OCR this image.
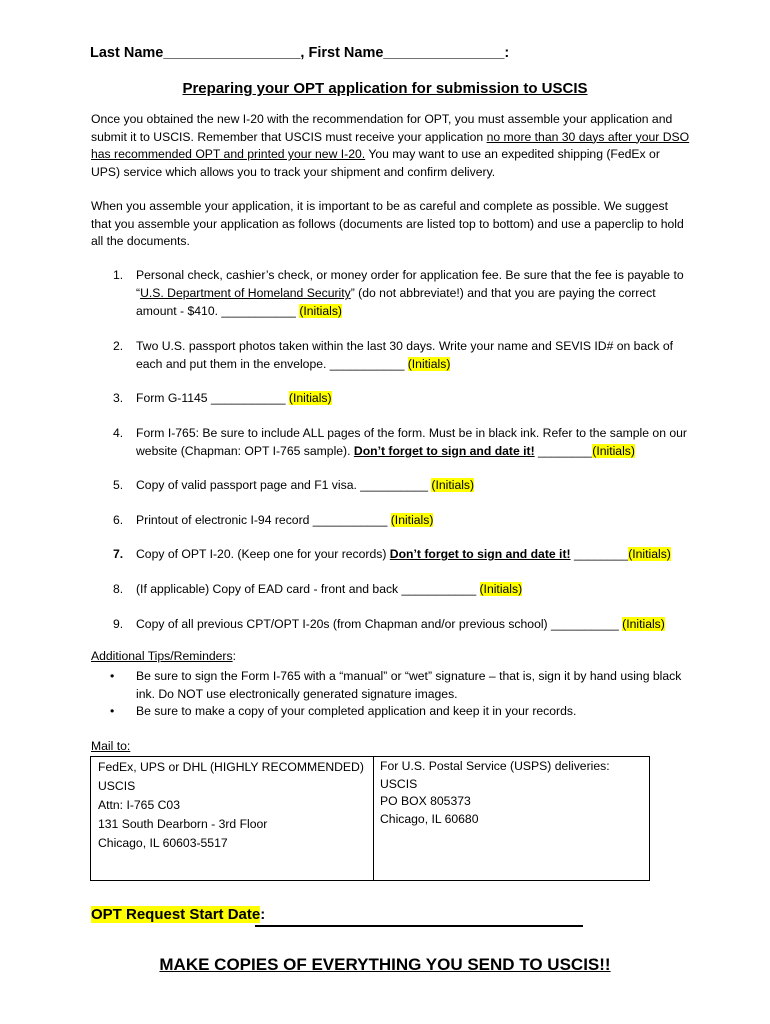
Last Name_________________, First Name_______________:
Preparing your OPT application for submission to USCIS
Once you obtained the new I-20 with the recommendation for OPT, you must assemble your application and submit it to USCIS. Remember that USCIS must receive your application no more than 30 days after your DSO has recommended OPT and printed your new I-20. You may want to use an expedited shipping (FedEx or UPS) service which allows you to track your shipment and confirm delivery.
When you assemble your application, it is important to be as careful and complete as possible. We suggest that you assemble your application as follows (documents are listed top to bottom) and use a paperclip to hold all the documents.
1.	Personal check, cashier’s check, or money order for application fee. Be sure that the fee is payable to “U.S. Department of Homeland Security” (do not abbreviate!) and that you are paying the correct amount - $410. ___________ (Initials)
2.	Two U.S. passport photos taken within the last 30 days. Write your name and SEVIS ID# on back of each and put them in the envelope. ___________ (Initials)
3.	Form G-1145 ___________ (Initials)
4.	Form I-765: Be sure to include ALL pages of the form. Must be in black ink. Refer to the sample on our website (Chapman: OPT I-765 sample). Don’t forget to sign and date it! ________(Initials)
5.	Copy of valid passport page and F1 visa. __________ (Initials)
6.	Printout of electronic I-94 record ___________ (Initials)
7.	Copy of OPT I-20. (Keep one for your records) Don’t forget to sign and date it! ________(Initials)
8.	(If applicable) Copy of EAD card - front and back ___________ (Initials)
9.	Copy of all previous CPT/OPT I-20s (from Chapman and/or previous school) __________ (Initials)
Additional Tips/Reminders:
• Be sure to sign the Form I-765 with a “manual” or “wet” signature – that is, sign it by hand using black ink. Do NOT use electronically generated signature images.
• Be sure to make a copy of your completed application and keep it in your records.
Mail to:
FedEx, UPS or DHL (HIGHLY RECOMMENDED)
USCIS
Attn: I-765 C03
131 South Dearborn - 3rd Floor
Chicago, IL 60603-5517
For U.S. Postal Service (USPS) deliveries:
USCIS
PO BOX 805373
Chicago, IL 60680
OPT Request Start Date:
MAKE COPIES OF EVERYTHING YOU SEND TO USCIS!!
